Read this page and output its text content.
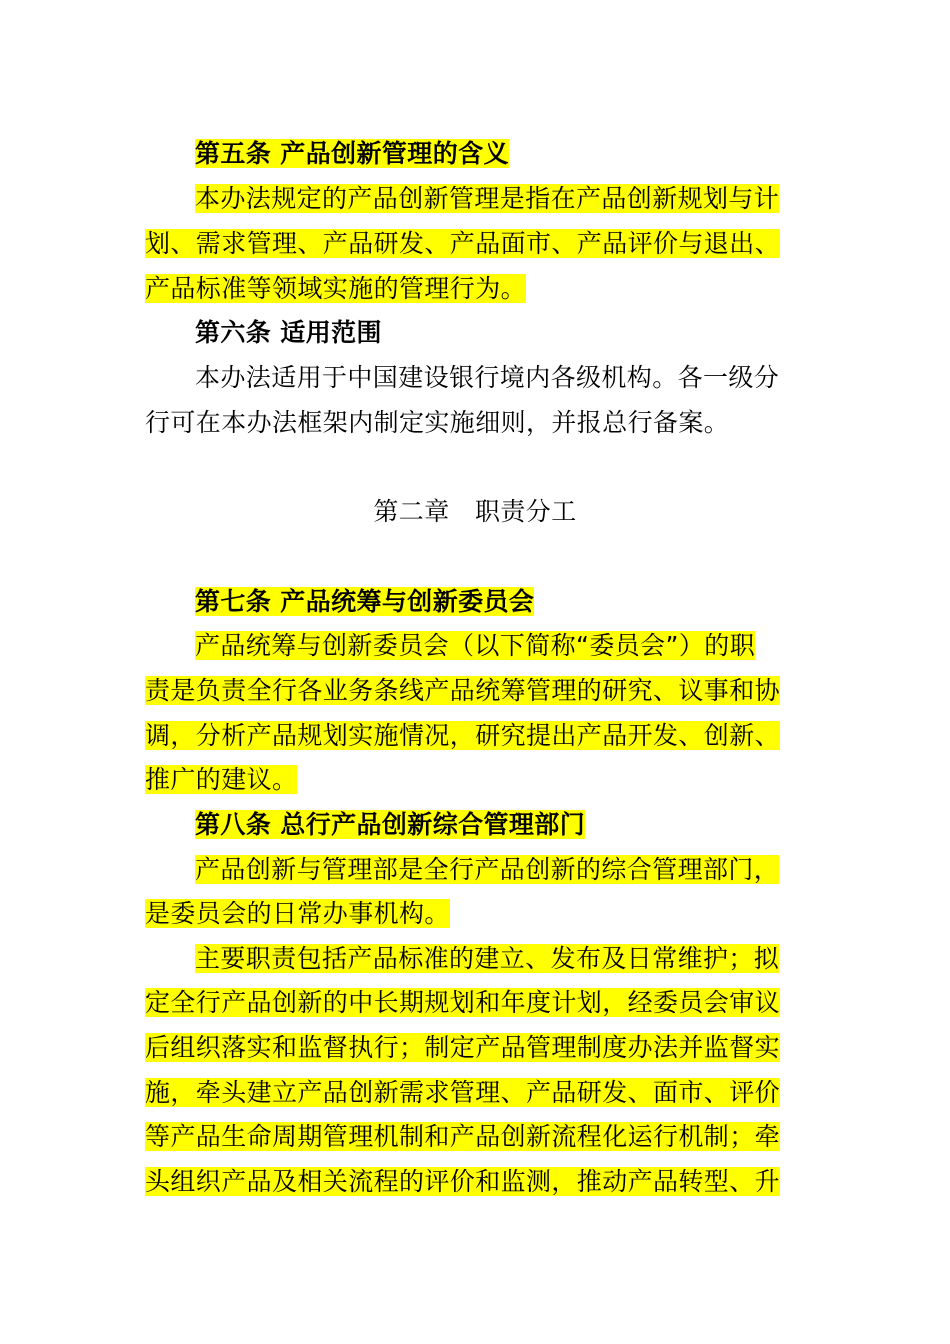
第五条 产品创新管理的含义
本办法规定的产品创新管理是指在产品创新规划与计
划、需求管理、产品研发、产品面市、产品评价与退出、
产品标准等领域实施的管理行为。
第六条 适用范围
本办法适用于中国建设银行境内各级机构。各一级分
行可在本办法框架内制定实施细则，并报总行备案。
第二章　职责分工
第七条 产品统筹与创新委员会
产品统筹与创新委员会（以下简称“委员会”）的职
责是负责全行各业务条线产品统筹管理的研究、议事和协
调，分析产品规划实施情况，研究提出产品开发、创新、
推广的建议。
第八条 总行产品创新综合管理部门
产品创新与管理部是全行产品创新的综合管理部门，
是委员会的日常办事机构。
主要职责包括产品标准的建立、发布及日常维护；拟
定全行产品创新的中长期规划和年度计划，经委员会审议
后组织落实和监督执行；制定产品管理制度办法并监督实
施，牵头建立产品创新需求管理、产品研发、面市、评价
等产品生命周期管理机制和产品创新流程化运行机制；牵
头组织产品及相关流程的评价和监测，推动产品转型、升
